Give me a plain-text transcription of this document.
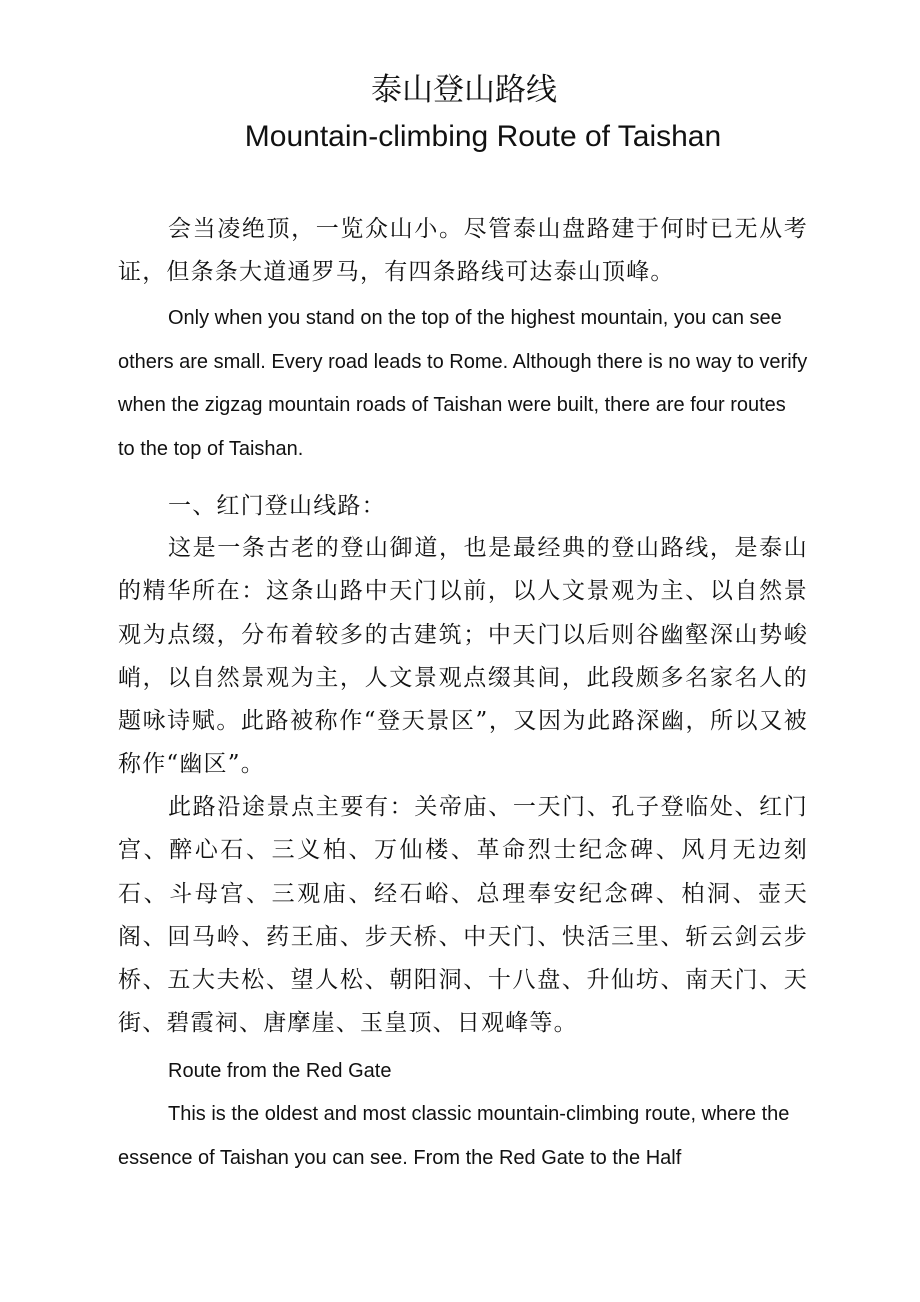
泰山登山路线
Mountain-climbing Route of Taishan

会当凌绝顶，一览众山小。尽管泰山盘路建于何时已无从考证，但条条大道通罗马，有四条路线可达泰山顶峰。

Only when you stand on the top of the highest mountain, you can see others are small. Every road leads to Rome. Although there is no way to verify when the zigzag mountain roads of Taishan were built, there are four routes to the top of Taishan.

一、红门登山线路：

这是一条古老的登山御道，也是最经典的登山路线，是泰山的精华所在：这条山路中天门以前，以人文景观为主、以自然景观为点缀，分布着较多的古建筑；中天门以后则谷幽壑深山势峻峭，以自然景观为主，人文景观点缀其间，此段颇多名家名人的题咏诗赋。此路被称作“登天景区”，又因为此路深幽，所以又被称作“幽区”。

此路沿途景点主要有：关帝庙、一天门、孔子登临处、红门宫、醉心石、三义柏、万仙楼、革命烈士纪念碑、风月无边刻石、斗母宫、三观庙、经石峪、总理奉安纪念碑、柏洞、壶天阁、回马岭、药王庙、步天桥、中天门、快活三里、斩云剑云步桥、五大夫松、望人松、朝阳洞、十八盘、升仙坊、南天门、天街、碧霞祠、唐摩崖、玉皇顶、日观峰等。

Route from the Red Gate

This is the oldest and most classic mountain-climbing route, where the essence of Taishan you can see. From the Red Gate to the Half
